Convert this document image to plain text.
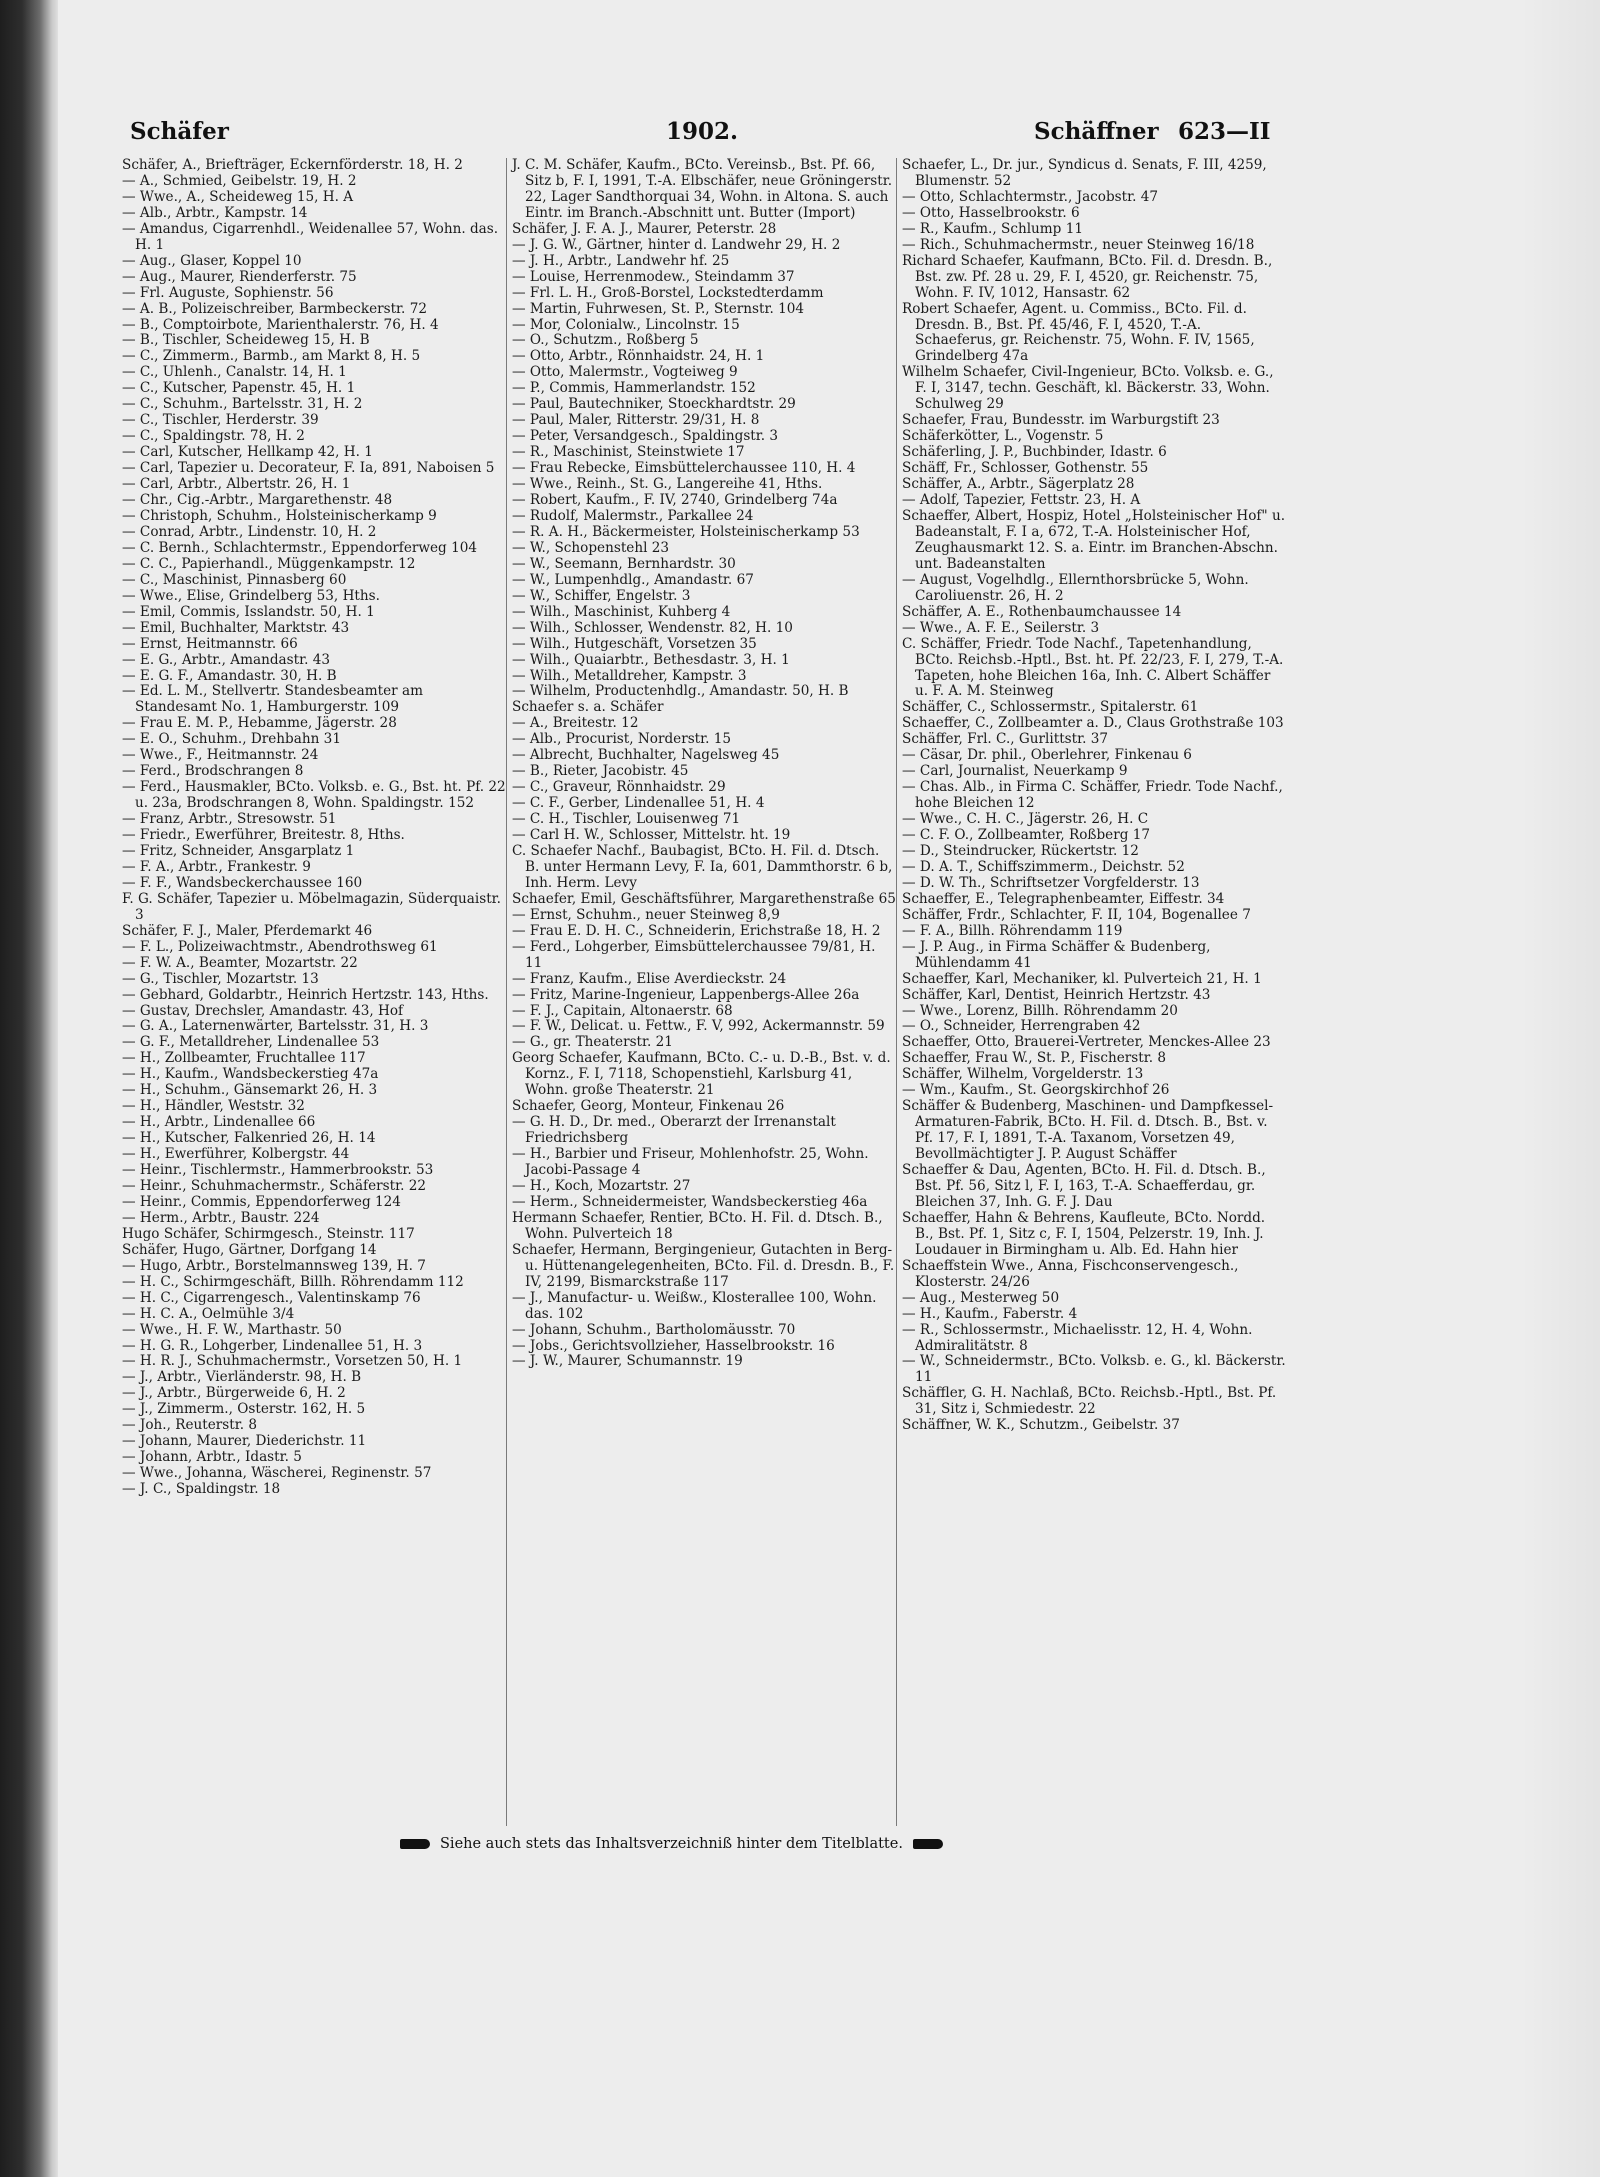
Schäfer	1902.	Schäffner 623—II
Schäfer, A., Briefträger, Eckernförderstr. 18, H. 2
— A., Schmied, Geibelstr. 19, H. 2
— Wwe., A., Scheideweg 15, H. A
— Alb., Arbtr., Kampstr. 14
— Amandus, Cigarrenhdl., Weidenallee 57, Wohn. das. H. 1
— Aug., Glaser, Koppel 10
— Aug., Maurer, Rienderferstr. 75
— Frl. Auguste, Sophienstr. 56
— A. B., Polizeischreiber, Barmbeckerstr. 72
— B., Comptoirbote, Marienthalerstr. 76, H. 4
— B., Tischler, Scheideweg 15, H. B
— C., Zimmerm., Barmb., am Markt 8, H. 5
— C., Uhlenh., Canalstr. 14, H. 1
— C., Kutscher, Papenstr. 45, H. 1
— C., Schuhm., Bartelsstr. 31, H. 2
— C., Tischler, Herderstr. 39
— C., Spaldingstr. 78, H. 2
— Carl, Kutscher, Hellkamp 42, H. 1
— Carl, Tapezier u. Decorateur, F. Ia, 891, Naboisen 5
— Carl, Arbtr., Albertstr. 26, H. 1
— Chr., Cig.-Arbtr., Margarethenstr. 48
— Christoph, Schuhm., Holsteinischerkamp 9
— Conrad, Arbtr., Lindenstr. 10, H. 2
— C. Bernh., Schlachtermstr., Eppendorferweg 104
— C. C., Papierhandl., Müggenkampstr. 12
— C., Maschinist, Pinnasberg 60
— Wwe., Elise, Grindelberg 53, Hths.
— Emil, Commis, Isslandstr. 50, H. 1
— Emil, Buchhalter, Marktstr. 43
— Ernst, Heitmannstr. 66
— E. G., Arbtr., Amandastr. 43
— E. G. F., Amandastr. 30, H. B
— Ed. L. M., Stellvertr. Standesbeamter am Standesamt No. 1, Hamburgerstr. 109
— Frau E. M. P., Hebamme, Jägerstr. 28
— E. O., Schuhm., Drehbahn 31
— Wwe., F., Heitmannstr. 24
— Ferd., Brodschrangen 8
— Ferd., Hausmakler, BCto. Volksb. e. G., Bst. ht. Pf. 22 u. 23a, Brodschrangen 8, Wohn. Spaldingstr. 152
— Franz, Arbtr., Stresowstr. 51
— Friedr., Ewerführer, Breitestr. 8, Hths.
— Fritz, Schneider, Ansgarplatz 1
— F. A., Arbtr., Frankestr. 9
— F. F., Wandsbeckerchaussee 160
F. G. Schäfer, Tapezier u. Möbelmagazin, Süderquaistr. 3
Schäfer, F. J., Maler, Pferdemarkt 46
— F. L., Polizeiwachtmstr., Abendrothsweg 61
— F. W. A., Beamter, Mozartstr. 22
— G., Tischler, Mozartstr. 13
— Gebhard, Goldarbtr., Heinrich Hertzstr. 143, Hths.
— Gustav, Drechsler, Amandastr. 43, Hof
— G. A., Laternenwärter, Bartelsstr. 31, H. 3
— G. F., Metalldreher, Lindenallee 53
— H., Zollbeamter, Fruchtallee 117
— H., Kaufm., Wandsbeckerstieg 47a
— H., Schuhm., Gänsemarkt 26, H. 3
— H., Händler, Weststr. 32
— H., Arbtr., Lindenallee 66
— H., Kutscher, Falkenried 26, H. 14
— H., Ewerführer, Kolbergstr. 44
— Heinr., Tischlermstr., Hammerbrookstr. 53
— Heinr., Schuhmachermstr., Schäferstr. 22
— Heinr., Commis, Eppendorferweg 124
— Herm., Arbtr., Baustr. 224
Hugo Schäfer, Schirmgesch., Steinstr. 117
Schäfer, Hugo, Gärtner, Dorfgang 14
— Hugo, Arbtr., Borstelmannsweg 139, H. 7
— H. C., Schirmgeschäft, Billh. Röhrendamm 112
— H. C., Cigarrengesch., Valentinskamp 76
— H. C. A., Oelmühle 3/4
— Wwe., H. F. W., Marthastr. 50
— H. G. R., Lohgerber, Lindenallee 51, H. 3
— H. R. J., Schuhmachermstr., Vorsetzen 50, H. 1
— J., Arbtr., Vierländerstr. 98, H. B
— J., Arbtr., Bürgerweide 6, H. 2
— J., Zimmerm., Osterstr. 162, H. 5
— Joh., Reuterstr. 8
— Johann, Maurer, Diederichstr. 11
— Johann, Arbtr., Idastr. 5
— Wwe., Johanna, Wäscherei, Reginenstr. 57
— J. C., Spaldingstr. 18
J. C. M. Schäfer, Kaufm., BCto. Vereinsb., Bst. Pf. 66, Sitz b, F. I, 1991, T.-A. Elbschäfer, neue Gröningerstr. 22, Lager Sandthorquai 34, Wohn. in Altona. S. auch Eintr. im Branch.-Abschnitt unt. Butter (Import)
Schäfer, J. F. A. J., Maurer, Peterstr. 28
— J. G. W., Gärtner, hinter d. Landwehr 29, H. 2
— J. H., Arbtr., Landwehr hf. 25
— Louise, Herrenmodew., Steindamm 37
— Frl. L. H., Groß-Borstel, Lockstedterdamm
— Martin, Fuhrwesen, St. P., Sternstr. 104
— Mor, Colonialw., Lincolnstr. 15
— O., Schutzm., Roßberg 5
— Otto, Arbtr., Rönnhaidstr. 24, H. 1
— Otto, Malermstr., Vogteiweg 9
— P., Commis, Hammerlandstr. 152
— Paul, Bautechniker, Stoeckhardtstr. 29
— Paul, Maler, Ritterstr. 29/31, H. 8
— Peter, Versandgesch., Spaldingstr. 3
— R., Maschinist, Steinstwiete 17
— Frau Rebecke, Eimsbüttelerchaussee 110, H. 4
— Wwe., Reinh., St. G., Langereihe 41, Hths.
— Robert, Kaufm., F. IV, 2740, Grindelberg 74a
— Rudolf, Malermstr., Parkallee 24
— R. A. H., Bäckermeister, Holsteinischerkamp 53
— W., Schopenstehl 23
— W., Seemann, Bernhardstr. 30
— W., Lumpenhdlg., Amandastr. 67
— W., Schiffer, Engelstr. 3
— Wilh., Maschinist, Kuhberg 4
— Wilh., Schlosser, Wendenstr. 82, H. 10
— Wilh., Hutgeschäft, Vorsetzen 35
— Wilh., Quaiarbtr., Bethesdastr. 3, H. 1
— Wilh., Metalldreher, Kampstr. 3
— Wilhelm, Productenhdlg., Amandastr. 50, H. B
Schaefer s. a. Schäfer
— A., Breitestr. 12
— Alb., Procurist, Norderstr. 15
— Albrecht, Buchhalter, Nagelsweg 45
— B., Rieter, Jacobistr. 45
— C., Graveur, Rönnhaidstr. 29
— C. F., Gerber, Lindenallee 51, H. 4
— C. H., Tischler, Louisenweg 71
— Carl H. W., Schlosser, Mittelstr. ht. 19
C. Schaefer Nachf., Baubagist, BCto. H. Fil. d. Dtsch. B. unter Hermann Levy, F. Ia, 601, Dammthorstr. 6 b, Inh. Herm. Levy
Schaefer, Emil, Geschäftsführer, Margarethenstraße 65
— Ernst, Schuhm., neuer Steinweg 8,9
— Frau E. D. H. C., Schneiderin, Erichstraße 18, H. 2
— Ferd., Lohgerber, Eimsbüttelerchaussee 79/81, H. 11
— Franz, Kaufm., Elise Averdieckstr. 24
— Fritz, Marine-Ingenieur, Lappenbergs-Allee 26a
— F. J., Capitain, Altonaerstr. 68
— F. W., Delicat. u. Fettw., F. V, 992, Ackermannstr. 59
— G., gr. Theaterstr. 21
Georg Schaefer, Kaufmann, BCto. C.- u. D.-B., Bst. v. d. Kornz., F. I, 7118, Schopenstiehl, Karlsburg 41, Wohn. große Theaterstr. 21
Schaefer, Georg, Monteur, Finkenau 26
— G. H. D., Dr. med., Oberarzt der Irrenanstalt Friedrichsberg
— H., Barbier und Friseur, Mohlenhofstr. 25, Wohn. Jacobi-Passage 4
— H., Koch, Mozartstr. 27
— Herm., Schneidermeister, Wandsbeckerstieg 46a
Hermann Schaefer, Rentier, BCto. H. Fil. d. Dtsch. B., Wohn. Pulverteich 18
Schaefer, Hermann, Bergingenieur, Gutachten in Berg- u. Hüttenangelegenheiten, BCto. Fil. d. Dresdn. B., F. IV, 2199, Bismarckstraße 117
— J., Manufactur- u. Weißw., Klosterallee 100, Wohn. das. 102
— Johann, Schuhm., Bartholomäusstr. 70
— Jobs., Gerichtsvollzieher, Hasselbrookstr. 16
— J. W., Maurer, Schumannstr. 19
Schaefer, L., Dr. jur., Syndicus d. Senats, F. III, 4259, Blumenstr. 52
— Otto, Schlachtermstr., Jacobstr. 47
— Otto, Hasselbrookstr. 6
— R., Kaufm., Schlump 11
— Rich., Schuhmachermstr., neuer Steinweg 16/18
Richard Schaefer, Kaufmann, BCto. Fil. d. Dresdn. B., Bst. zw. Pf. 28 u. 29, F. I, 4520, gr. Reichenstr. 75, Wohn. F. IV, 1012, Hansastr. 62
Robert Schaefer, Agent. u. Commiss., BCto. Fil. d. Dresdn. B., Bst. Pf. 45/46, F. I, 4520, T.-A. Schaeferus, gr. Reichenstr. 75, Wohn. F. IV, 1565, Grindelberg 47a
Wilhelm Schaefer, Civil-Ingenieur, BCto. Volksb. e. G., F. I, 3147, techn. Geschäft, kl. Bäckerstr. 33, Wohn. Schulweg 29
Schaefer, Frau, Bundesstr. im Warburgstift 23
Schäferkötter, L., Vogenstr. 5
Schäferling, J. P., Buchbinder, Idastr. 6
Schäff, Fr., Schlosser, Gothenstr. 55
Schäffer, A., Arbtr., Sägerplatz 28
— Adolf, Tapezier, Fettstr. 23, H. A
Schaeffer, Albert, Hospiz, Hotel „Holsteinischer Hof" u. Badeanstalt, F. I a, 672, T.-A. Holsteinischer Hof, Zeughausmarkt 12. S. a. Eintr. im Branchen-Abschn. unt. Badeanstalten
— August, Vogelhdlg., Ellernthorsbrücke 5, Wohn. Caroliuenstr. 26, H. 2
Schäffer, A. E., Rothenbaumchaussee 14
— Wwe., A. F. E., Seilerstr. 3
C. Schäffer, Friedr. Tode Nachf., Tapetenhandlung, BCto. Reichsb.-Hptl., Bst. ht. Pf. 22/23, F. I, 279, T.-A. Tapeten, hohe Bleichen 16a, Inh. C. Albert Schäffer u. F. A. M. Steinweg
Schäffer, C., Schlossermstr., Spitalerstr. 61
Schaeffer, C., Zollbeamter a. D., Claus Grothstraße 103
Schäffer, Frl. C., Gurlittstr. 37
— Cäsar, Dr. phil., Oberlehrer, Finkenau 6
— Carl, Journalist, Neuerkamp 9
— Chas. Alb., in Firma C. Schäffer, Friedr. Tode Nachf., hohe Bleichen 12
— Wwe., C. H. C., Jägerstr. 26, H. C
— C. F. O., Zollbeamter, Roßberg 17
— D., Steindrucker, Rückertstr. 12
— D. A. T., Schiffszimmerm., Deichstr. 52
— D. W. Th., Schriftsetzer Vorgfelderstr. 13
Schaeffer, E., Telegraphenbeamter, Eiffestr. 34
Schäffer, Frdr., Schlachter, F. II, 104, Bogenallee 7
— F. A., Billh. Röhrendamm 119
— J. P. Aug., in Firma Schäffer & Budenberg, Mühlendamm 41
Schaeffer, Karl, Mechaniker, kl. Pulverteich 21, H. 1
Schäffer, Karl, Dentist, Heinrich Hertzstr. 43
— Wwe., Lorenz, Billh. Röhrendamm 20
— O., Schneider, Herrengraben 42
Schaeffer, Otto, Brauerei-Vertreter, Menckes-Allee 23
Schaeffer, Frau W., St. P., Fischerstr. 8
Schäffer, Wilhelm, Vorgelderstr. 13
— Wm., Kaufm., St. Georgskirchhof 26
Schäffer & Budenberg, Maschinen- und Dampfkessel-Armaturen-Fabrik, BCto. H. Fil. d. Dtsch. B., Bst. v. Pf. 17, F. I, 1891, T.-A. Taxanom, Vorsetzen 49, Bevollmächtigter J. P. August Schäffer
Schaeffer & Dau, Agenten, BCto. H. Fil. d. Dtsch. B., Bst. Pf. 56, Sitz l, F. I, 163, T.-A. Schaefferdau, gr. Bleichen 37, Inh. G. F. J. Dau
Schaeffer, Hahn & Behrens, Kaufleute, BCto. Nordd. B., Bst. Pf. 1, Sitz c, F. I, 1504, Pelzerstr. 19, Inh. J. Loudauer in Birmingham u. Alb. Ed. Hahn hier
Schaeffstein Wwe., Anna, Fischconservengesch., Klosterstr. 24/26
— Aug., Mesterweg 50
— H., Kaufm., Faberstr. 4
— R., Schlossermstr., Michaelisstr. 12, H. 4, Wohn. Admiralitätstr. 8
— W., Schneidermstr., BCto. Volksb. e. G., kl. Bäckerstr. 11
Schäffler, G. H. Nachlaß, BCto. Reichsb.-Hptl., Bst. Pf. 31, Sitz i, Schmiedestr. 22
Schäffner, W. K., Schutzm., Geibelstr. 37
Siehe auch stets das Inhaltsverzeichniß hinter dem Titelblatte.
